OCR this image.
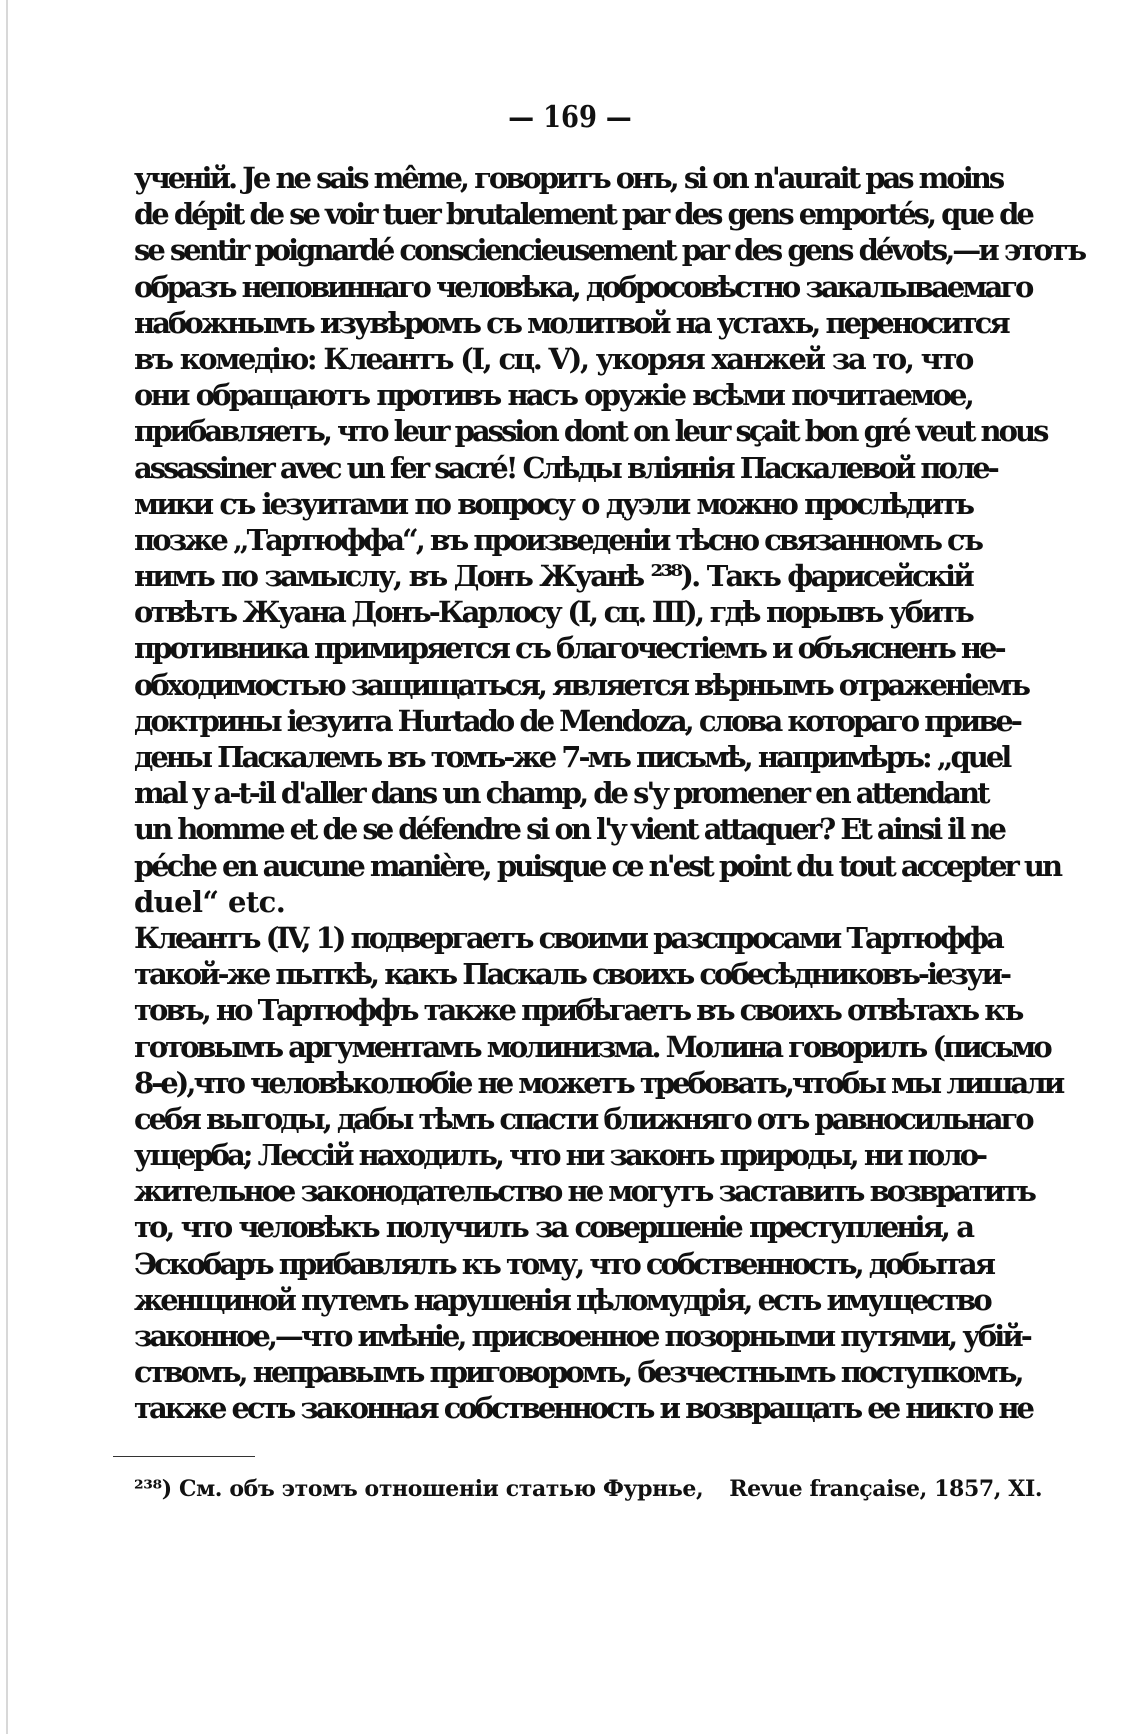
— 169 —
ученій. Je ne sais même, говоритъ онъ, si on n'aurait pas moins
de dépit de se voir tuer brutalement par des gens emportés, que de
se sentir poignardé consciencieusement par des gens dévots,—и этотъ
образъ неповиннаго человѣка, добросовѣстно закалываемаго
набожнымъ изувѣромъ съ молитвой на устахъ, переносится
въ комедію: Клеантъ (I, сц. V), укоряя ханжей за то, что
они обращаютъ противъ насъ оружіе всѣми почитаемое,
прибавляетъ, что leur passion dont on leur sçait bon gré veut nous
assassiner avec un fer sacré! Слѣды вліянія Паскалевой поле-
мики съ іезуитами по вопросу о дуэли можно прослѣдить
позже „Тартюффа“, въ произведеніи тѣсно связанномъ съ
нимъ по замыслу, въ Донъ Жуанѣ ²³⁸). Такъ фарисейскій
отвѣтъ Жуана Донъ-Карлосу (I, сц. III), гдѣ порывъ убить
противника примиряется съ благочестіемъ и объясненъ не-
обходимостью защищаться, является вѣрнымъ отраженіемъ
доктрины іезуита Hurtado de Mendoza, слова котораго приве-
дены Паскалемъ въ томъ-же 7-мъ письмѣ, напримѣръ: „quel
mal y a-t-il d'aller dans un champ, de s'y promener en attendant
un homme et de se défendre si on l'y vient attaquer? Et ainsi il ne
péche en aucune manière, puisque ce n'est point du tout accepter un
duel“ etc.
Клеантъ (IV, 1) подвергаетъ своими разспросами Тартюффа
такой-же пыткѣ, какъ Паскаль своихъ собесѣдниковъ-іезуи-
товъ, но Тартюффъ также прибѣгаетъ въ своихъ отвѣтахъ къ
готовымъ аргументамъ молинизма. Молина говорилъ (письмо
8-е),что человѣколюбіе не можетъ требовать,чтобы мы лишали
себя выгоды, дабы тѣмъ спасти ближняго отъ равносильнаго
ущерба; Лессій находилъ, что ни законъ природы, ни поло-
жительное законодательство не могутъ заставить возвратить
то, что человѣкъ получилъ за совершеніе преступленія, а
Эскобаръ прибавлялъ къ тому, что собственность, добытая
женщиной путемъ нарушенія цѣломудрія, есть имущество
законное,—что имѣніе, присвоенное позорными путями, убій-
ствомъ, неправымъ приговоромъ, безчестнымъ поступкомъ,
также есть законная собственность и возвращать ее никто не
²³⁸) См. объ этомъ отношеніи статью Фурнье, Revue française, 1857, XI.
